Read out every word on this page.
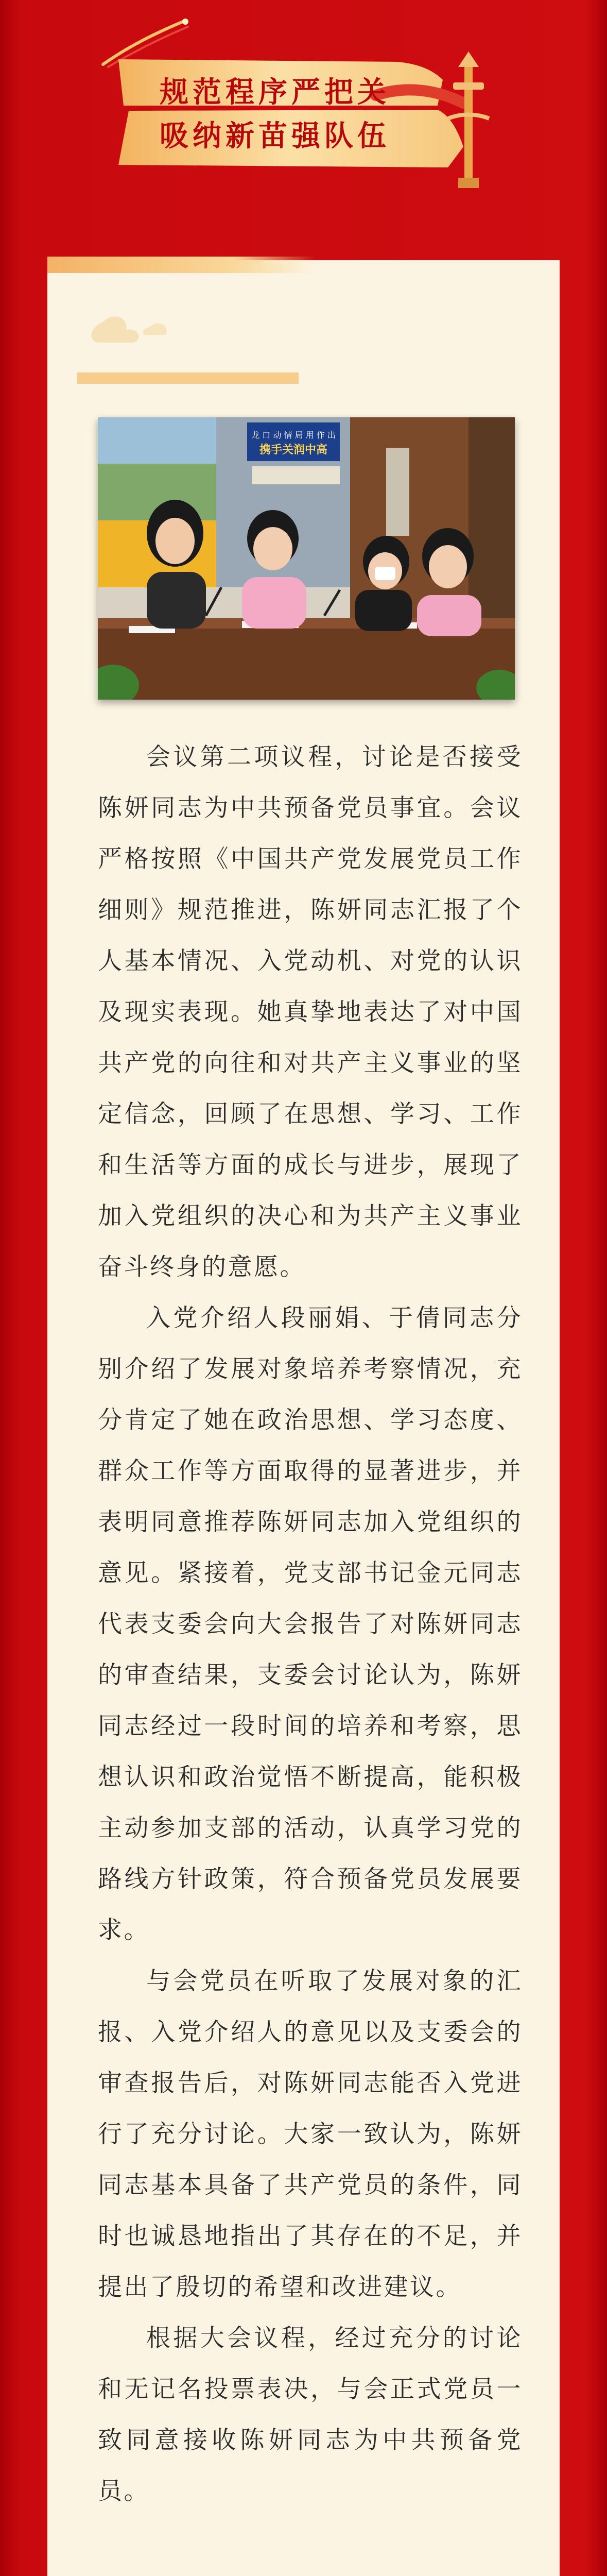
规范程序严把关
吸纳新苗强队伍
龙 口 动 情 局 用 作 出
携手关润中高

会议第二项议程，讨论是否接受陈妍同志为中共预备党员事宜。会议严格按照《中国共产党发展党员工作细则》规范推进，陈妍同志汇报了个人基本情况、入党动机、对党的认识及现实表现。她真挚地表达了对中国共产党的向往和对共产主义事业的坚定信念，回顾了在思想、学习、工作和生活等方面的成长与进步，展现了加入党组织的决心和为共产主义事业奋斗终身的意愿。

入党介绍人段丽娟、于倩同志分别介绍了发展对象培养考察情况，充分肯定了她在政治思想、学习态度、群众工作等方面取得的显著进步，并表明同意推荐陈妍同志加入党组织的意见。紧接着，党支部书记金元同志代表支委会向大会报告了对陈妍同志的审查结果，支委会讨论认为，陈妍同志经过一段时间的培养和考察，思想认识和政治觉悟不断提高，能积极主动参加支部的活动，认真学习党的路线方针政策，符合预备党员发展要求。

与会党员在听取了发展对象的汇报、入党介绍人的意见以及支委会的审查报告后，对陈妍同志能否入党进行了充分讨论。大家一致认为，陈妍同志基本具备了共产党员的条件，同时也诚恳地指出了其存在的不足，并提出了殷切的希望和改进建议。

根据大会议程，经过充分的讨论和无记名投票表决，与会正式党员一致同意接收陈妍同志为中共预备党员。
